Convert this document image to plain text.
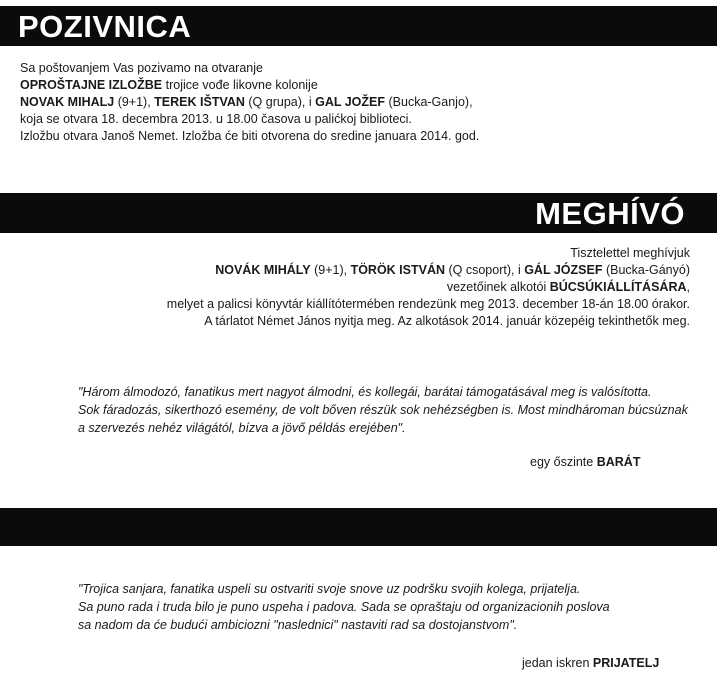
POZIVNICA
Sa poštovanjem Vas pozivamo na otvaranje
OPROŠTAJNE IZLOŽBE trojice vođe likovne kolonije
NOVAK MIHALJ (9+1), TEREK IŠTVAN (Q grupa), i GAL JOŽEF (Bucka-Ganjo),
koja se otvara 18. decembra 2013. u 18.00 časova u palićkoj biblioteci.
Izložbu otvara Janoš Nemet. Izložba će biti otvorena do sredine januara 2014. god.
MEGHÍVÓ
Tisztelettel meghívjuk
NOVÁK MIHÁLY (9+1), TÖRÖK ISTVÁN (Q csoport), i GÁL JÓZSEF (Bucka-Gányó)
vezetőinek alkotói BÚCSÚKIÁLLÍTÁSÁRA,
melyet a palicsi könyvtár kiállítótermében rendezünk meg 2013. december 18-án 18.00 órakor.
A tárlatot Német János nyitja meg. Az alkotások 2014. január közepéig tekinthetők meg.
"Három álmodozó, fanatikus mert nagyot álmodni, és kollegái, barátai támogatásával meg is valósította.
Sok fáradozás, sikerthozó esemény, de volt bőven részük sok nehézségben is. Most mindhároman búcsúznak
a szervezés nehéz világától, bízva a jövő példás erejében".
egy őszinte BARÁT
"Trojica sanjara, fanatika uspeli su ostvariti svoje snove uz podršku svojih kolega, prijatelja.
Sa puno rada i truda bilo je puno uspeha i padova. Sada se opraštaju od organizacionih poslova
sa nadom da će budući ambiciozni "naslednici" nastaviti rad sa dostojanstvom".
jedan iskren PRIJATELJ
